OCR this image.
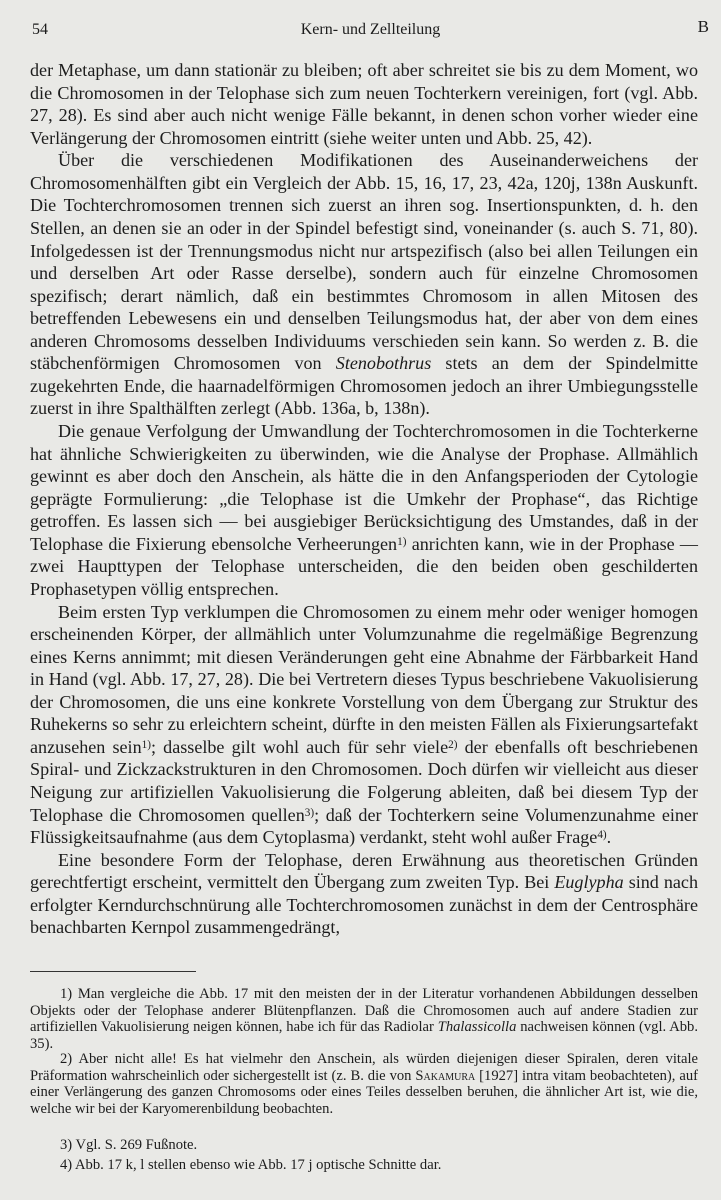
54	Kern- und Zellteilung	B

der Metaphase, um dann stationär zu bleiben; oft aber schreitet sie bis zu dem Moment, wo die Chromosomen in der Telophase sich zum neuen Tochterkern vereinigen, fort (vgl. Abb. 27, 28). Es sind aber auch nicht wenige Fälle bekannt, in denen schon vorher wieder eine Verlängerung der Chromosomen eintritt (siehe weiter unten und Abb. 25, 42).

Über die verschiedenen Modifikationen des Auseinanderweichens der Chromosomenhälften gibt ein Vergleich der Abb. 15, 16, 17, 23, 42a, 120j, 138n Auskunft. Die Tochterchromosomen trennen sich zuerst an ihren sog. Insertionspunkten, d. h. den Stellen, an denen sie an oder in der Spindel befestigt sind, voneinander (s. auch S. 71, 80). Infolgedessen ist der Trennungsmodus nicht nur artspezifisch (also bei allen Teilungen ein und derselben Art oder Rasse derselbe), sondern auch für einzelne Chromosomen spezifisch; derart nämlich, daß ein bestimmtes Chromosom in allen Mitosen des betreffenden Lebewesens ein und denselben Teilungsmodus hat, der aber von dem eines anderen Chromosoms desselben Individuums verschieden sein kann. So werden z. B. die stäbchenförmigen Chromosomen von Stenobothrus stets an dem der Spindelmitte zugekehrten Ende, die haarnadelförmigen Chromosomen jedoch an ihrer Umbiegungsstelle zuerst in ihre Spalthälften zerlegt (Abb. 136a, b, 138n).

Die genaue Verfolgung der Umwandlung der Tochterchromosomen in die Tochterkerne hat ähnliche Schwierigkeiten zu überwinden, wie die Analyse der Prophase. Allmählich gewinnt es aber doch den Anschein, als hätte die in den Anfangsperioden der Cytologie geprägte Formulierung: „die Telophase ist die Umkehr der Prophase“, das Richtige getroffen. Es lassen sich — bei ausgiebiger Berücksichtigung des Umstandes, daß in der Telophase die Fixierung ebensolche Verheerungen$^{1)}$ anrichten kann, wie in der Prophase — zwei Haupttypen der Telophase unterscheiden, die den beiden oben geschilderten Prophasetypen völlig entsprechen.

Beim ersten Typ verklumpen die Chromosomen zu einem mehr oder weniger homogen erscheinenden Körper, der allmählich unter Volumzunahme die regelmäßige Begrenzung eines Kerns annimmt; mit diesen Veränderungen geht eine Abnahme der Färbbarkeit Hand in Hand (vgl. Abb. 17, 27, 28). Die bei Vertretern dieses Typus beschriebene Vakuolisierung der Chromosomen, die uns eine konkrete Vorstellung von dem Übergang zur Struktur des Ruhekerns so sehr zu erleichtern scheint, dürfte in den meisten Fällen als Fixierungsartefakt anzusehen sein$^{1)}$; dasselbe gilt wohl auch für sehr viele$^{2)}$ der ebenfalls oft beschriebenen Spiral- und Zickzackstrukturen in den Chromosomen. Doch dürfen wir vielleicht aus dieser Neigung zur artifiziellen Vakuolisierung die Folgerung ableiten, daß bei diesem Typ der Telophase die Chromosomen quellen$^{3)}$; daß der Tochterkern seine Volumenzunahme einer Flüssigkeitsaufnahme (aus dem Cytoplasma) verdankt, steht wohl außer Frage$^{4)}$.

Eine besondere Form der Telophase, deren Erwähnung aus theoretischen Gründen gerechtfertigt erscheint, vermittelt den Übergang zum zweiten Typ. Bei Euglypha sind nach erfolgter Kerndurchschnürung alle Tochterchromosomen zunächst in dem der Centrosphäre benachbarten Kernpol zusammengedrängt,

1) Man vergleiche die Abb. 17 mit den meisten der in der Literatur vorhandenen Abbildungen desselben Objekts oder der Telophase anderer Blütenpflanzen. Daß die Chromosomen auch auf andere Stadien zur artifiziellen Vakuolisierung neigen können, habe ich für das Radiolar Thalassicolla nachweisen können (vgl. Abb. 35).

2) Aber nicht alle! Es hat vielmehr den Anschein, als würden diejenigen dieser Spiralen, deren vitale Präformation wahrscheinlich oder sichergestellt ist (z. B. die von Sakamura [1927] intra vitam beobachteten), auf einer Verlängerung des ganzen Chromosoms oder eines Teiles desselben beruhen, die ähnlicher Art ist, wie die, welche wir bei der Karyomerenbildung beobachten.

3) Vgl. S. 269 Fußnote.

4) Abb. 17 k, l stellen ebenso wie Abb. 17 j optische Schnitte dar.
